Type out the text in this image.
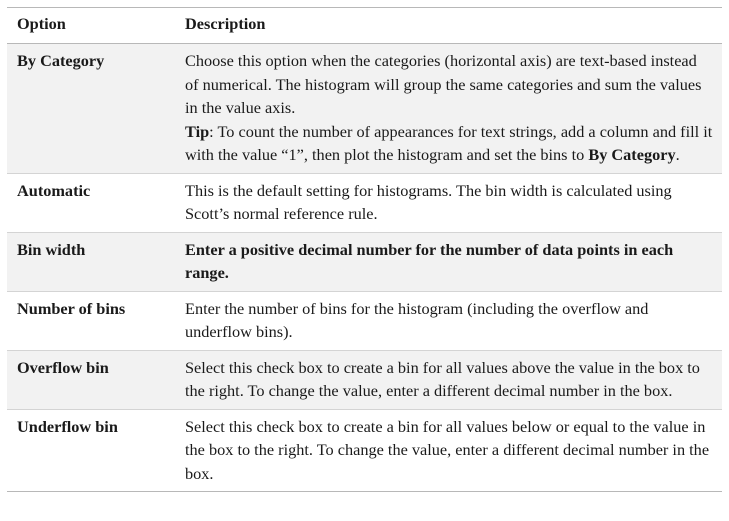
Option	Description
By Category	Choose this option when the categories (horizontal axis) are text-based instead of numerical. The histogram will group the same categories and sum the values in the value axis.
Tip: To count the number of appearances for text strings, add a column and fill it with the value “1”, then plot the histogram and set the bins to By Category.

Automatic	This is the default setting for histograms. The bin width is calculated using Scott’s normal reference rule.
Bin width	Enter a positive decimal number for the number of data points in each range.
Number of bins	Enter the number of bins for the histogram (including the overflow and underflow bins).
Overflow bin	Select this check box to create a bin for all values above the value in the box to the right. To change the value, enter a different decimal number in the box.
Underflow bin	Select this check box to create a bin for all values below or equal to the value in the box to the right. To change the value, enter a different decimal number in the box.
